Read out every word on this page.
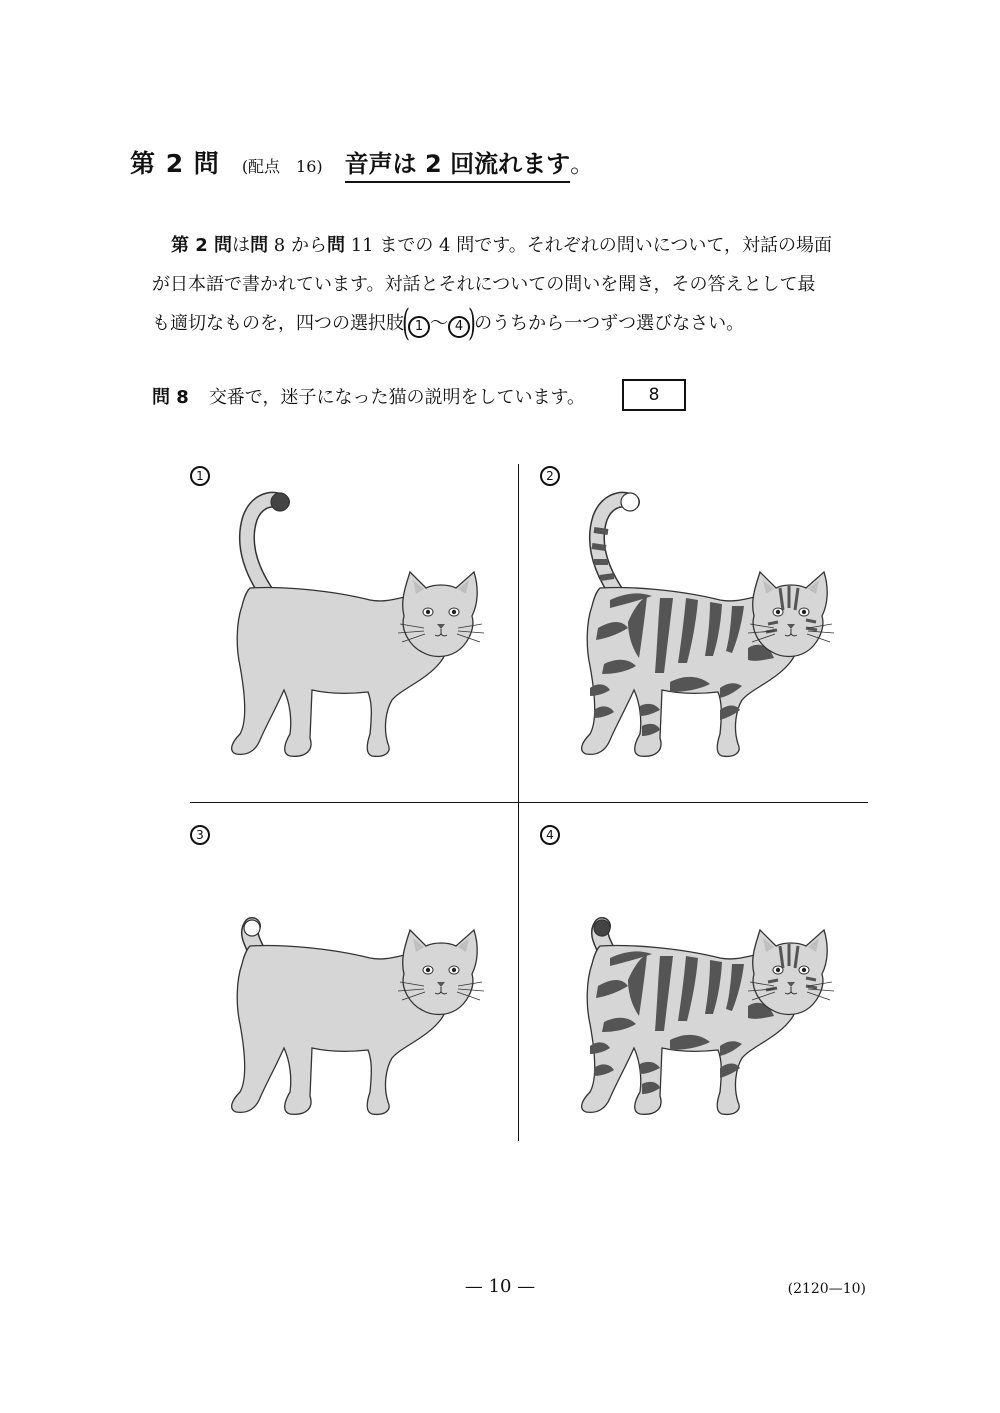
第 2 問 (配点　16) 音声は 2 回流れます 。

第 2 問は問 8 から問 11 までの 4 問です。それぞれの問いについて，対話の場面

が日本語で書かれています。対話とそれについての問いを聞き，その答えとして最

も適切なものを，四つの選択肢( 1 ～ 4 )のうちから一つずつ選びなさい。

問 8 交番で，迷子になった猫の説明をしています。	8
1	2
3	4
— 10 —	(2120—10)
